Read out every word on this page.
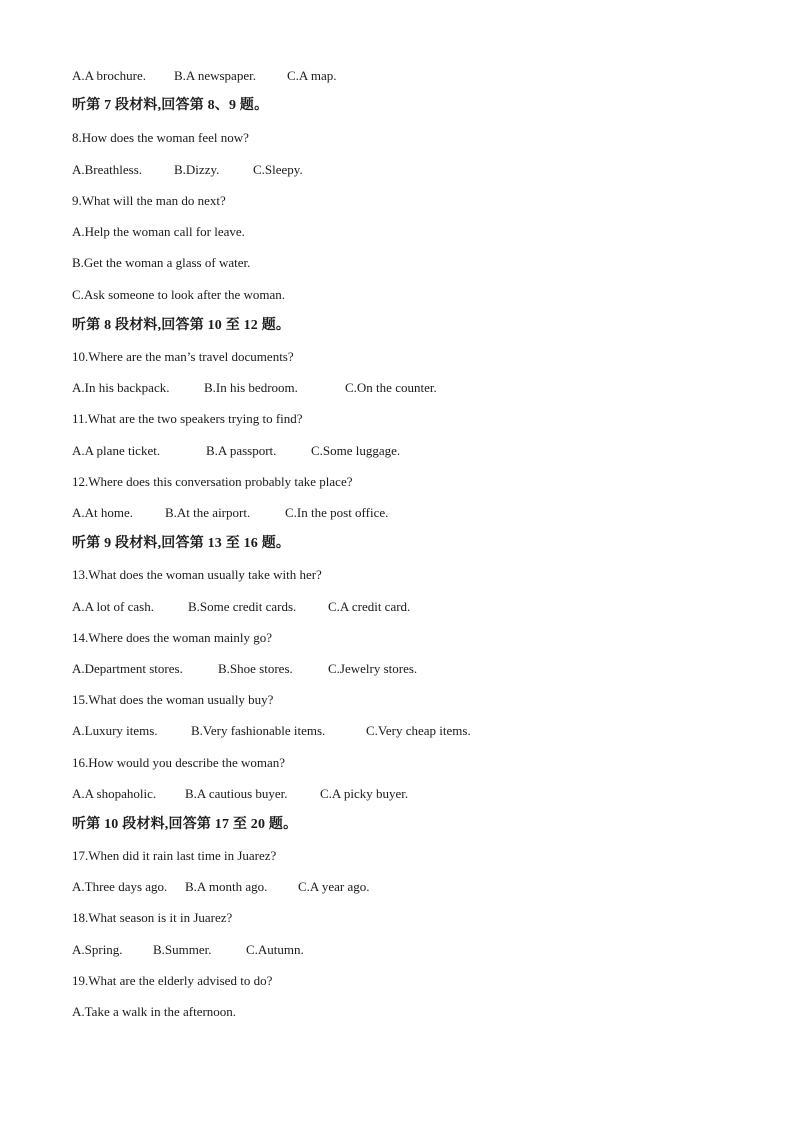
A.A brochure. B.A newspaper. C.A map.
听第 7 段材料,回答第 8、9 题。
8.How does the woman feel now?
A.Breathless. B.Dizzy.	C.Sleepy.
9.What will the man do next?
A.Help the woman call for leave.
B.Get the woman a glass of water.
C.Ask someone to look after the woman.
听第 8 段材料,回答第 10 至 12 题。
10.Where are the man’s travel documents?
A.In his backpack.	B.In his bedroom.	C.On the counter.
11.What are the two speakers trying to find?
A.A plane ticket.	B.A passport.	C.Some luggage.
12.Where does this conversation probably take place?
A.At home. B.At the airport.	C.In the post office.
听第 9 段材料,回答第 13 至 16 题。
13.What does the woman usually take with her?
A.A lot of cash.	B.Some credit cards. C.A credit card.
14.Where does the woman mainly go?
A.Department stores.	B.Shoe stores.	C.Jewelry stores.
15.What does the woman usually buy?
A.Luxury items.	B.Very fashionable items.	C.Very cheap items.
16.How would you describe the woman?
A.A shopaholic. B.A cautious buyer. C.A picky buyer.
听第 10 段材料,回答第 17 至 20 题。
17.When did it rain last time in Juarez?
A.Three days ago. B.A month ago. C.A year ago.
18.What season is it in Juarez?
A.Spring. B.Summer.	C.Autumn.
19.What are the elderly advised to do?
A.Take a walk in the afternoon.
